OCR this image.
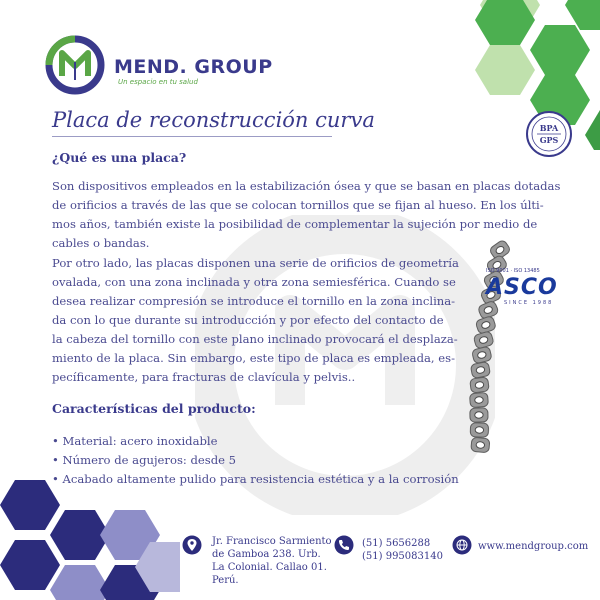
MEND. GROUP
Un espacio en tu salud
Placa de reconstrucción curva	BPA
GPS
¿Qué es una placa?
Son dispositivos empleados en la estabilización ósea y que se basan en placas dotadas
de orificios a través de las que se colocan tornillos que se fijan al hueso. En los últi-
mos años, también existe la posibilidad de complementar la sujeción por medio de
cables o bandas.
Por otro lado, las placas disponen una serie de orificios de geometría
ovalada, con una zona inclinada y otra zona semiesférica. Cuando se
desea realizar compresión se introduce el tornillo en la zona inclina-
da con lo que durante su introducción y por efecto del contacto de
la cabeza del tornillo con este plano inclinado provocará el desplaza-
miento de la placa. Sin embargo, este tipo de placa es empleada, es-
pecíficamente, para fracturas de clavícula y pelvis..
Características del producto:
• Material: acero inoxidable
• Número de agujeros: desde 5
• Acabado altamente pulido para resistencia estética y a la corrosión
ISO 9001 · ISO 13485
ASCO
SINCE 1988
Jr. Francisco Sarmiento
de Gamboa 238. Urb.
La Colonial. Callao 01.
Perú.
(51) 5656288
(51) 995083140
www.mendgroup.com
